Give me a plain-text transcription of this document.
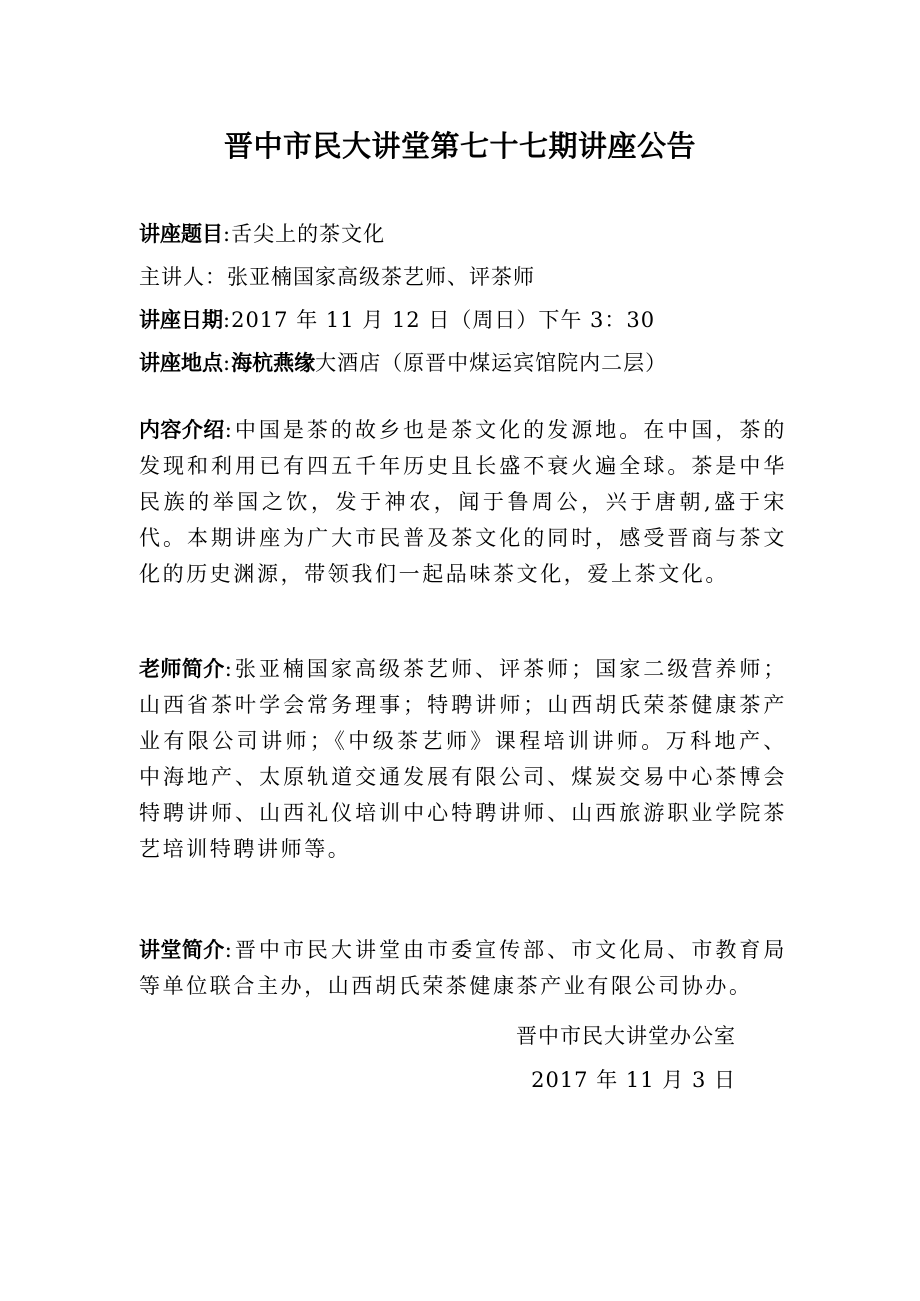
晋中市民大讲堂第七十七期讲座公告
讲座题目:舌尖上的茶文化
主讲人：张亚楠国家高级茶艺师、评茶师
讲座日期:2017 年 11 月 12 日（周日）下午 3：30
讲座地点:海杭燕缘大酒店（原晋中煤运宾馆院内二层）
内容介绍:中国是茶的故乡也是茶文化的发源地。在中国，茶的发现和利用已有四五千年历史且长盛不衰火遍全球。茶是中华民族的举国之饮，发于神农，闻于鲁周公，兴于唐朝,盛于宋代。本期讲座为广大市民普及茶文化的同时，感受晋商与茶文化的历史渊源，带领我们一起品味茶文化，爱上茶文化。
老师简介:张亚楠国家高级茶艺师、评茶师；国家二级营养师；山西省茶叶学会常务理事；特聘讲师；山西胡氏荣茶健康茶产业有限公司讲师；《中级茶艺师》课程培训讲师。万科地产、中海地产、太原轨道交通发展有限公司、煤炭交易中心茶博会特聘讲师、山西礼仪培训中心特聘讲师、山西旅游职业学院茶艺培训特聘讲师等。
讲堂简介:晋中市民大讲堂由市委宣传部、市文化局、市教育局等单位联合主办，山西胡氏荣茶健康茶产业有限公司协办。
晋中市民大讲堂办公室
2017 年 11 月 3 日
